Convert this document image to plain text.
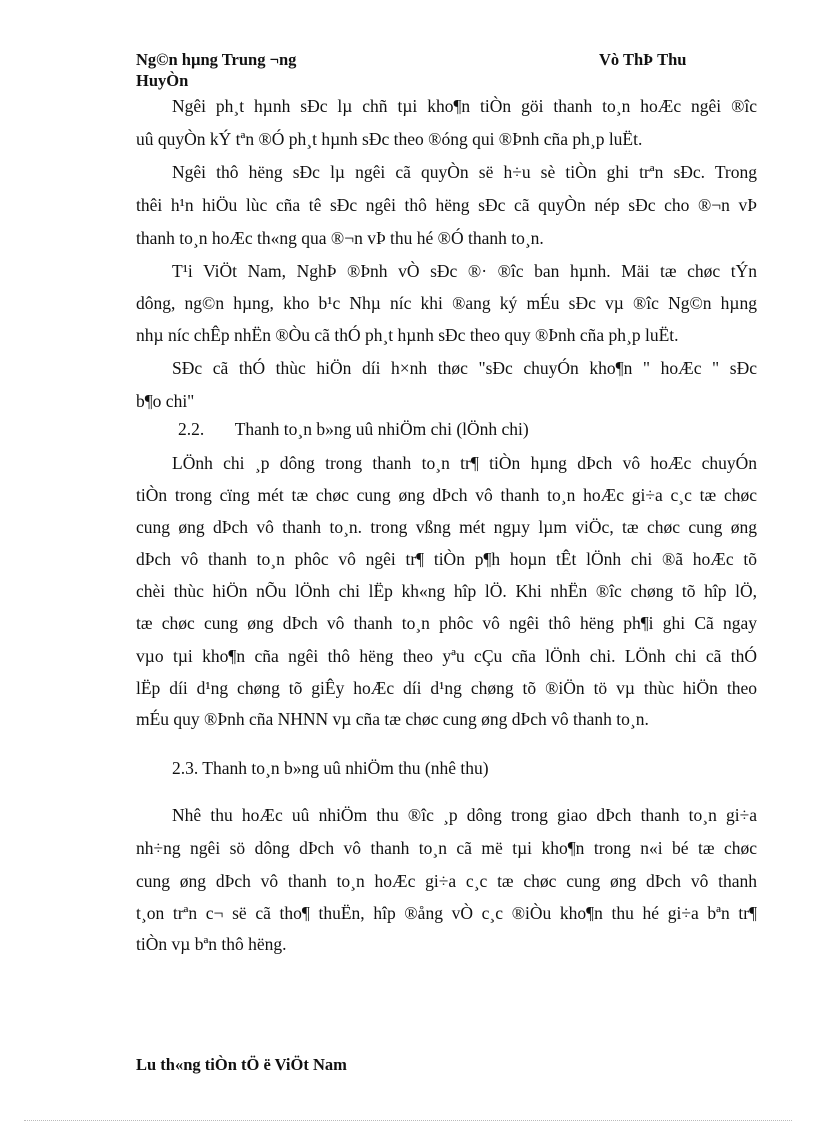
Ng©n hµng Trung ¬ng	Vò ThÞ Thu
HuyÒn
Ngêi ph¸t hµnh sÐc lµ chñ tµi kho¶n tiÒn göi thanh to¸n hoÆc ngêi ®îc
uû quyÒn kÝ tªn ®Ó ph¸t hµnh sÐc theo ®óng qui ®Þnh cña ph¸p luËt.
Ngêi thô hëng sÐc lµ ngêi cã quyÒn së h÷u sè tiÒn ghi trªn sÐc. Trong
thêi h¹n hiÖu lùc cña tê sÐc ngêi thô hëng sÐc cã quyÒn nép sÐc cho ®¬n vÞ
thanh to¸n hoÆc th«ng qua ®¬n vÞ thu hé ®Ó thanh to¸n.
T¹i ViÖt Nam, NghÞ ®Þnh vÒ sÐc ®· ®îc ban hµnh. Mäi tæ chøc tÝn
dông, ng©n hµng, kho b¹c Nhµ níc khi ®ang ký mÉu sÐc vµ ®îc Ng©n hµng
nhµ níc chÊp nhËn ®Òu cã thÓ ph¸t hµnh sÐc theo quy ®Þnh cña ph¸p luËt.
SÐc cã thÓ thùc hiÖn díi h×nh thøc "sÐc chuyÓn kho¶n " hoÆc " sÐc
b¶o chi"
2.2. Thanh to¸n b»ng uû nhiÖm chi (lÖnh chi)
LÖnh chi ¸p dông trong thanh to¸n tr¶ tiÒn hµng dÞch vô hoÆc chuyÓn
tiÒn trong cïng mét tæ chøc cung øng dÞch vô thanh to¸n hoÆc gi÷a c¸c tæ chøc
cung øng dÞch vô thanh to¸n. trong vßng mét ngµy lµm viÖc, tæ chøc cung øng
dÞch vô thanh to¸n phôc vô ngêi tr¶ tiÒn p¶h hoµn tÊt lÖnh chi ®ã hoÆc tõ
chèi thùc hiÖn nÕu lÖnh chi lËp kh«ng hîp lÖ. Khi nhËn ®îc chøng tõ hîp lÖ,
tæ chøc cung øng dÞch vô thanh to¸n phôc vô ngêi thô hëng ph¶i ghi Cã ngay
vµo tµi kho¶n cña ngêi thô hëng theo yªu cÇu cña lÖnh chi. LÖnh chi cã thÓ
lËp díi d¹ng chøng tõ giÊy hoÆc díi d¹ng chøng tõ ®iÖn tö vµ thùc hiÖn theo
mÉu quy ®Þnh cña NHNN vµ cña tæ chøc cung øng dÞch vô thanh to¸n.
2.3. Thanh to¸n b»ng uû nhiÖm thu (nhê thu)
Nhê thu hoÆc uû nhiÖm thu ®îc ¸p dông trong giao dÞch thanh to¸n gi÷a
nh÷ng ngêi sö dông dÞch vô thanh to¸n cã më tµi kho¶n trong n«i bé tæ chøc
cung øng dÞch vô thanh to¸n hoÆc gi÷a c¸c tæ chøc cung øng dÞch vô thanh
t¸on trªn c¬ së cã tho¶ thuËn, hîp ®ång vÒ c¸c ®iÒu kho¶n thu hé gi÷a bªn tr¶
tiÒn vµ bªn thô hëng.
Lu th«ng tiÒn tÖ ë ViÖt Nam
